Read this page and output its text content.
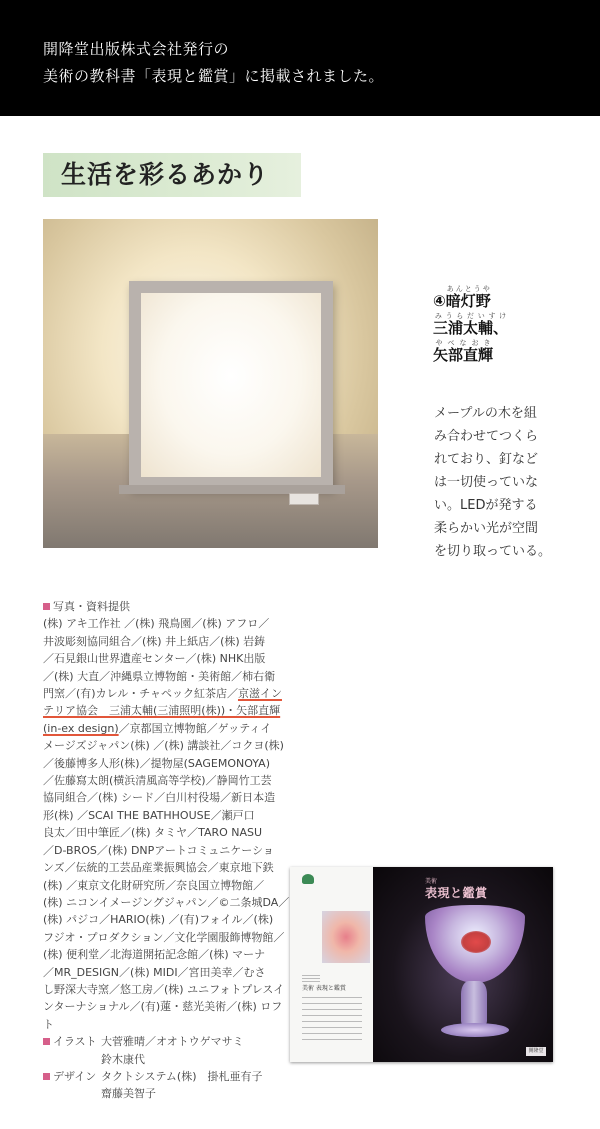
開降堂出版株式会社発行の
美術の教科書「表現と鑑賞」に掲載されました。
生活を彩るあかり
④暗灯野あんとうや
三浦太輔、みうらだいすけ
矢部直輝やべなおき
メープルの木を組
み合わせてつくら
れており、釘など
は一切使っていな
い。LEDが発する
柔らかい光が空間
を切り取っている。
写真・資料提供
(株) アキ工作社 ／(株) 飛鳥園／(株) アフロ／
井波彫刻協同組合／(株) 井上紙店／(株) 岩鋳
／石見銀山世界遺産センター／(株) NHK出版
／(株) 大直／沖縄県立博物館・美術館／柿右衛
門窯／(有)カレル・チャペック紅茶店／京滋イン
テリア協会　三浦太輔(三浦照明(株))・矢部直輝
(in-ex design)／京都国立博物館／ゲッティイ
メージズジャパン(株) ／(株) 講談社／コクヨ(株)
／後藤博多人形(株)／提物屋(SAGEMONOYA)
／佐藤寫太朗(横浜清風高等学校)／静岡竹工芸
協同組合／(株) シード／白川村役場／新日本造
形(株) ／SCAI THE BATHHOUSE／瀬戸口
良太／田中筆匠／(株) タミヤ／TARO NASU
／D-BROS／(株) DNPアートコミュニケーショ
ンズ／伝統的工芸品産業振興協会／東京地下鉄
(株) ／東京文化財研究所／奈良国立博物館／
(株) ニコンイメージングジャパン／©二条城DA／
(株) パジコ／HARIO(株) ／(有)フォイル／(株)
フジオ・プロダクション／文化学園服飾博物館／
(株) 便利堂／北海道開拓記念館／(株) マーナ
／MR_DESIGN／(株) MIDI／宮田美幸／むさ
し野深大寺窯／悠工房／(株) ユニフォトプレスイ
ンターナショナル／(有)蓮・慈光美術／(株) ロフ
ト
イラスト 大菅雅晴／オオトウゲマサミ
鈴木康代
デザイン タクトシステム(株)　掛札亜有子
齋藤美智子
美術 表現と鑑賞
美術
表現と鑑賞
開隆堂
